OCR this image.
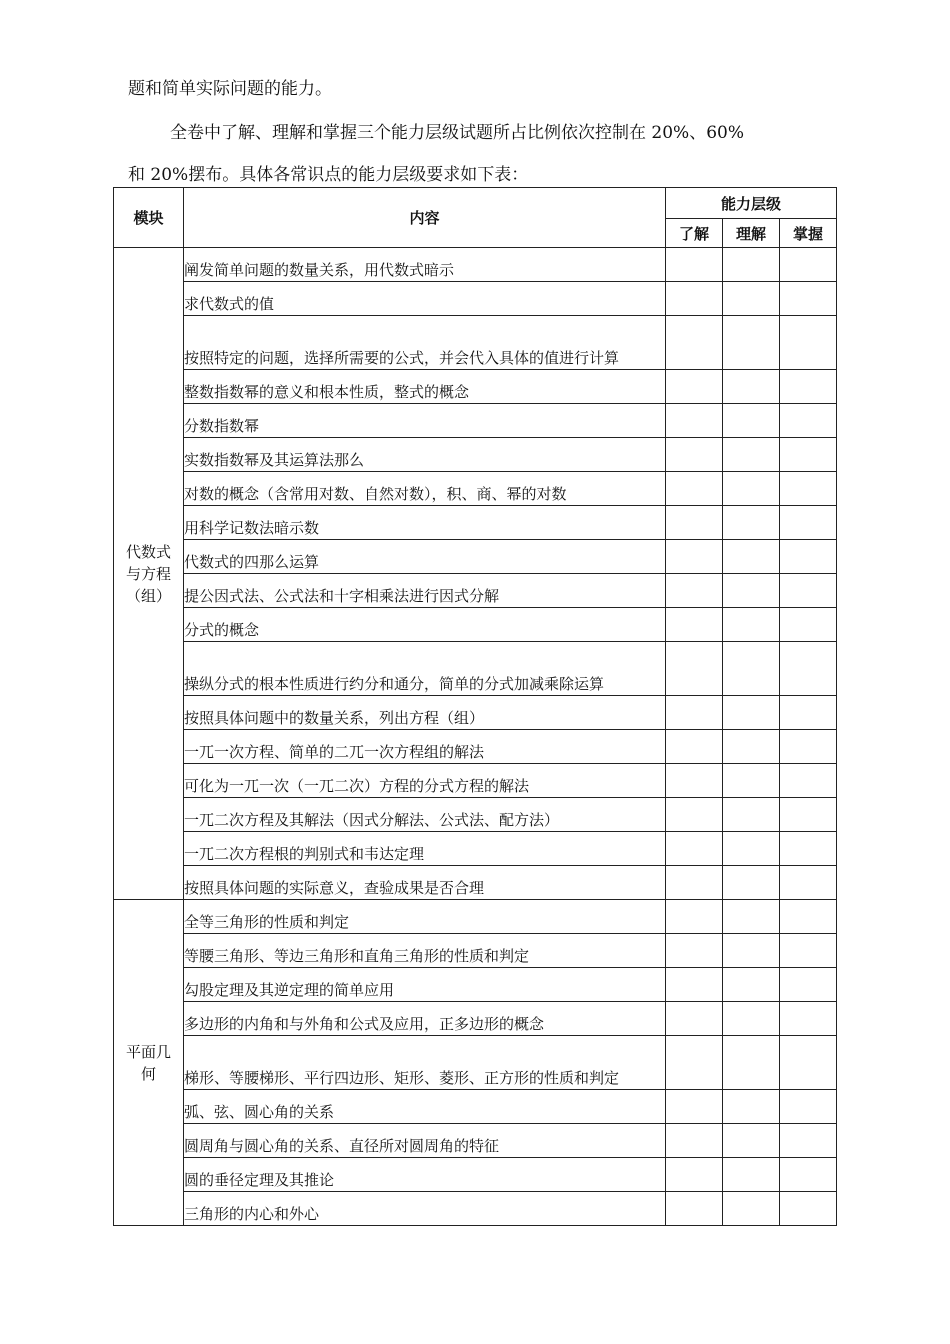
题和简单实际问题的能力。

全卷中了解、理解和掌握三个能力层级试题所占比例依次控制在 20%、60%

和 20%摆布。具体各常识点的能力层级要求如下表：

模块	内容	能力层级		
		了解	理解	掌握

代数式
与方程
（组）	阐发简单问题的数量关系，用代数式暗示			
	求代数式的值			
	按照特定的问题，选择所需要的公式，并会代入具体的值进行计算			
	整数指数幂的意义和根本性质，整式的概念			
	分数指数幂			
	实数指数幂及其运算法那么			
	对数的概念（含常用对数、自然对数），积、商、幂的对数			
	用科学记数法暗示数			
	代数式的四那么运算			
	提公因式法、公式法和十字相乘法进行因式分解			
	分式的概念			
	操纵分式的根本性质进行约分和通分，简单的分式加减乘除运算			
	按照具体问题中的数量关系，列出方程（组）			
	一兀一次方程、简单的二兀一次方程组的解法			
	可化为一兀一次（一兀二次）方程的分式方程的解法			
	一兀二次方程及其解法（因式分解法、公式法、配方法）			
	一兀二次方程根的判别式和韦达定理			
	按照具体问题的实际意义，查验成果是否合理			

平面几
何	全等三角形的性质和判定			
	等腰三角形、等边三角形和直角三角形的性质和判定			
	勾股定理及其逆定理的简单应用			
	多边形的内角和与外角和公式及应用，正多边形的概念			
	梯形、等腰梯形、平行四边形、矩形、菱形、正方形的性质和判定			
	弧、弦、圆心角的关系			
	圆周角与圆心角的关系、直径所对圆周角的特征			
	圆的垂径定理及其推论			
	三角形的内心和外心			
